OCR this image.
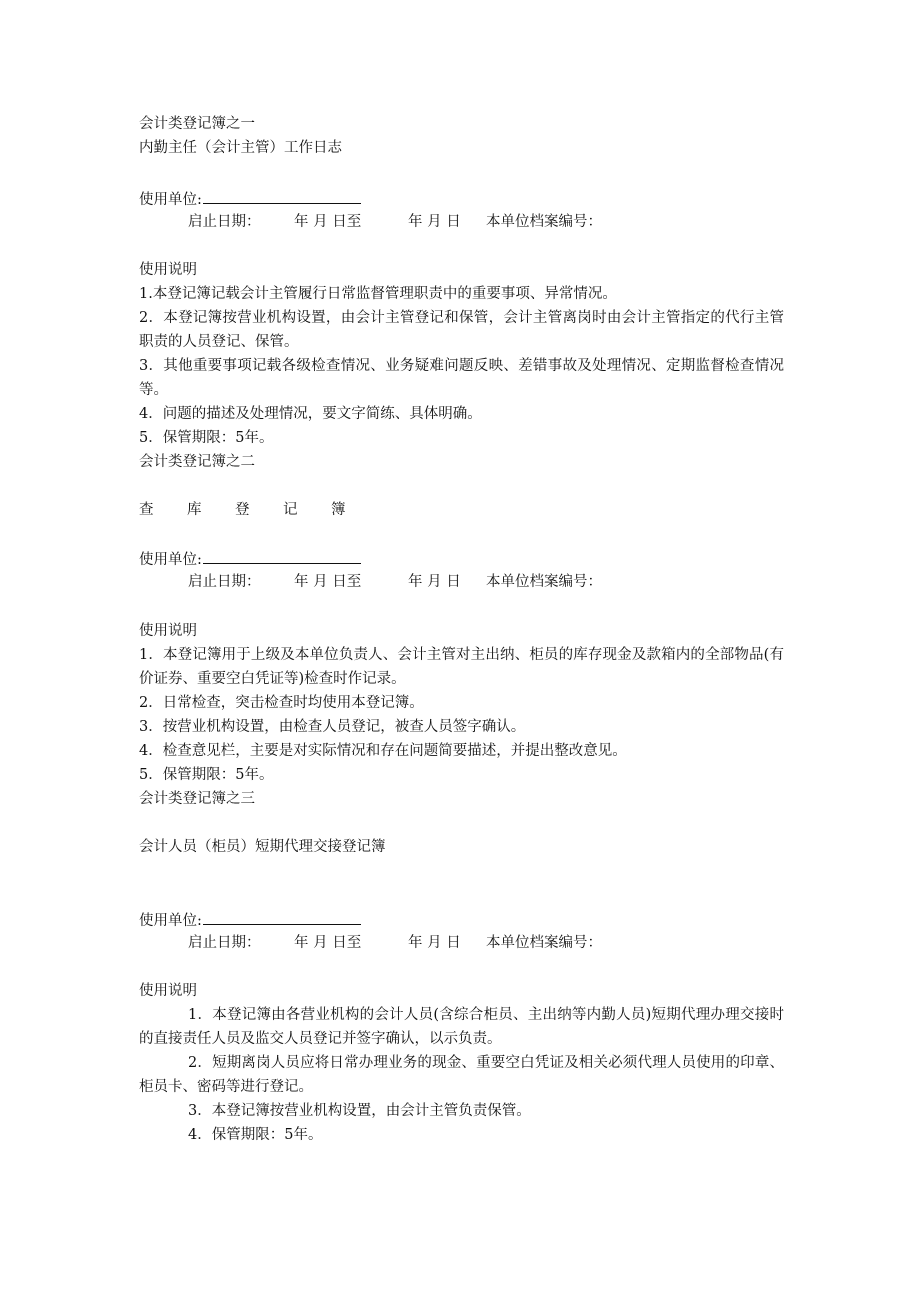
会计类登记簿之一
内勤主任（会计主管）工作日志
使用单位:
启止日期： 年 月 日至	年 月 日 本单位档案编号：
使用说明
1.本登记簿记载会计主管履行日常监督管理职责中的重要事项、异常情况。
2．本登记簿按营业机构设置，由会计主管登记和保管，会计主管离岗时由会计主管指定的代行主管职责的人员登记、保管。
3．其他重要事项记载各级检查情况、业务疑难问题反映、差错事故及处理情况、定期监督检查情况等。
4．问题的描述及处理情况，要文字简练、具体明确。
5．保管期限：5年。
会计类登记簿之二
查 库 登 记 簿
使用单位:
启止日期： 年 月 日至	年 月 日 本单位档案编号：
使用说明
1．本登记簿用于上级及本单位负责人、会计主管对主出纳、柜员的库存现金及款箱内的全部物品(有价证券、重要空白凭证等)检查时作记录。
2．日常检查，突击检查时均使用本登记簿。
3．按营业机构设置，由检查人员登记，被查人员签字确认。
4．检查意见栏，主要是对实际情况和存在问题简要描述，并提出整改意见。
5．保管期限：5年。
会计类登记簿之三
会计人员（柜员）短期代理交接登记簿
使用单位:
启止日期： 年 月 日至	年 月 日 本单位档案编号：
使用说明
1．本登记簿由各营业机构的会计人员(含综合柜员、主出纳等内勤人员)短期代理办理交接时的直接责任人员及监交人员登记并签字确认，以示负责。
2．短期离岗人员应将日常办理业务的现金、重要空白凭证及相关必须代理人员使用的印章、柜员卡、密码等进行登记。
3．本登记簿按营业机构设置，由会计主管负责保管。
4．保管期限：5年。
